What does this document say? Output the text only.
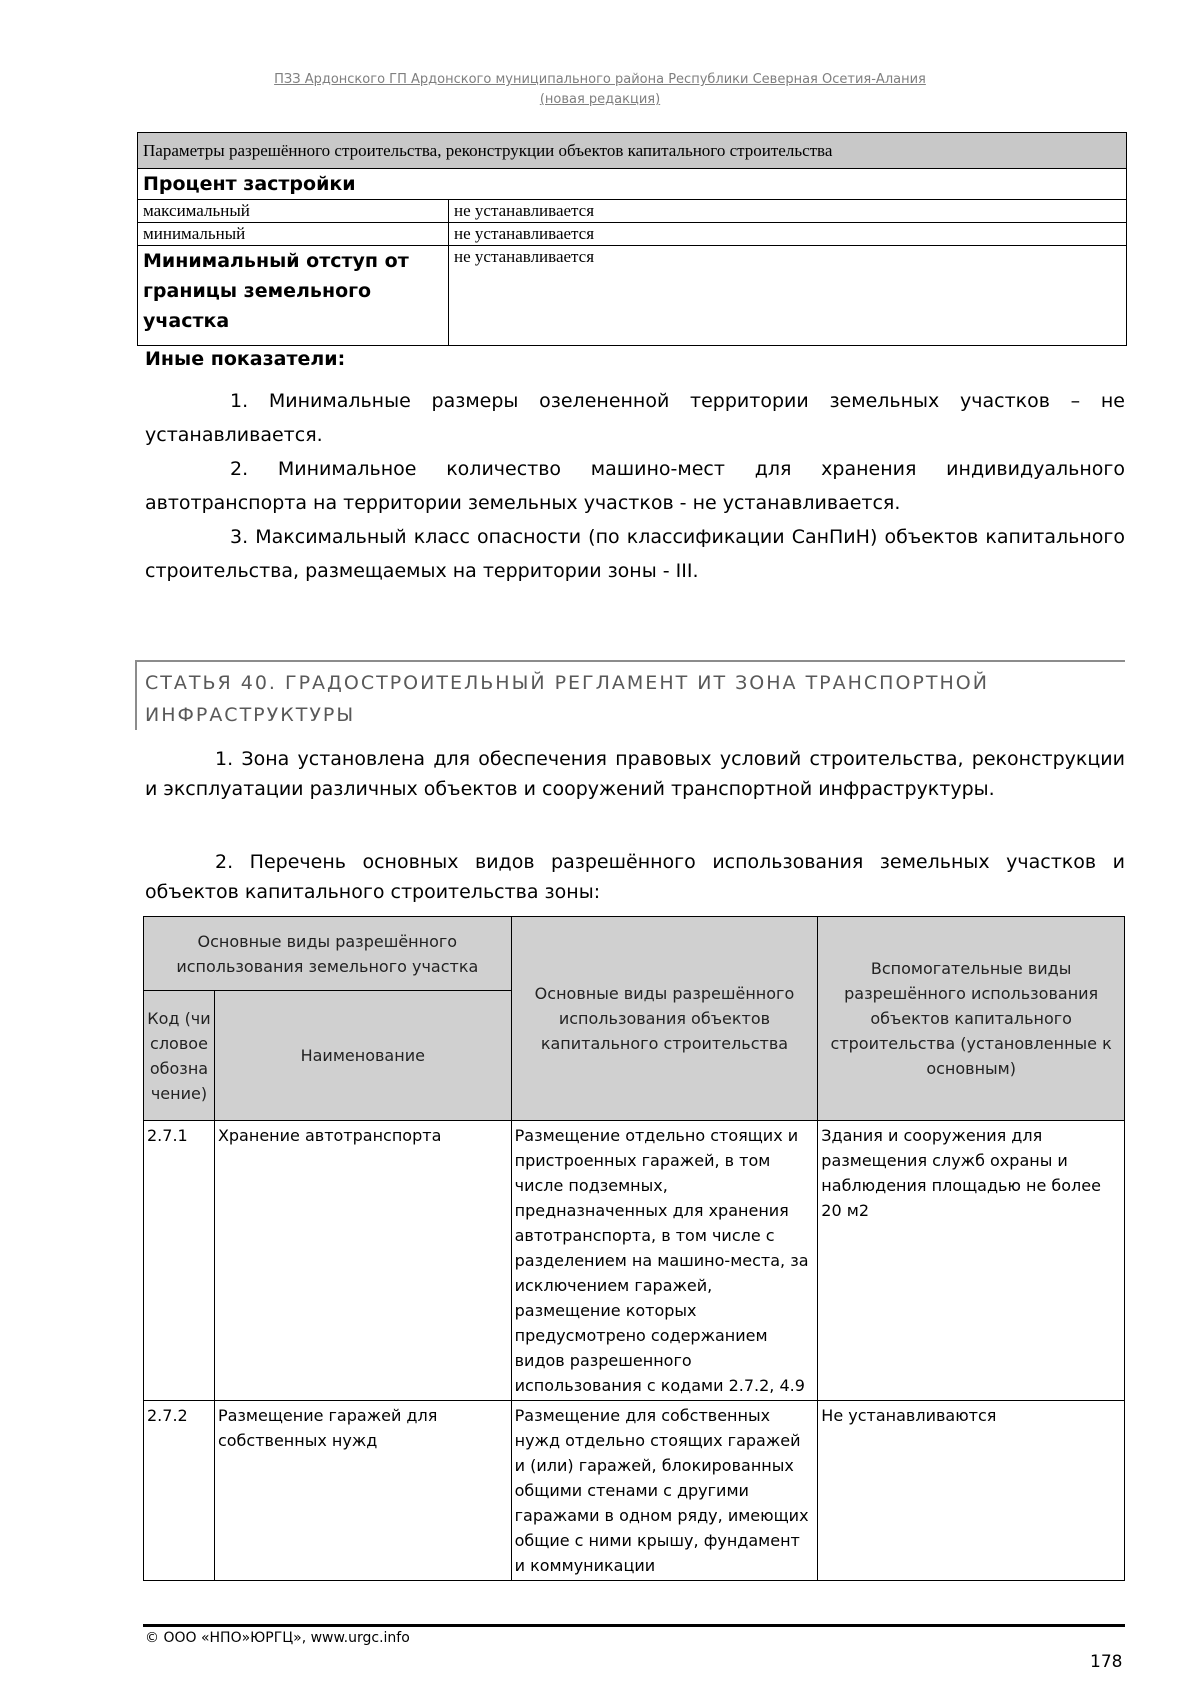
ПЗЗ Ардонского ГП Ардонского муниципального района Республики Северная Осетия-Алания
(новая редакция)
Параметры разрешённого строительства, реконструкции объектов капитального строительства	
Процент застройки	
максимальный	не устанавливается
минимальный	не устанавливается
Минимальный отступ от границы земельного участка	не устанавливается
Иные показатели:
1. Минимальные размеры озелененной территории земельных участков – не устанавливается.
2. Минимальное количество машино-мест для хранения индивидуального автотранспорта на территории земельных участков - не устанавливается.
3. Максимальный класс опасности (по классификации СанПиН) объектов капитального строительства, размещаемых на территории зоны - III.
СТАТЬЯ 40. ГРАДОСТРОИТЕЛЬНЫЙ РЕГЛАМЕНТ ИТ ЗОНА ТРАНСПОРТНОЙ ИНФРАСТРУКТУРЫ
1. Зона установлена для обеспечения правовых условий строительства, реконструкции и эксплуатации различных объектов и сооружений транспортной инфраструктуры.
2. Перечень основных видов разрешённого использования земельных участков и объектов капитального строительства зоны:
Основные виды разрешённого использования земельного участка		Основные виды разрешённого использования объектов капитального строительства	Вспомогательные виды разрешённого использования объектов капитального строительства (установленные к основным)
Код (числовое обозначение)	Наименование		
2.7.1	Хранение автотранспорта	Размещение отдельно стоящих и пристроенных гаражей, в том числе подземных, предназначенных для хранения автотранспорта, в том числе с разделением на машино-места, за исключением гаражей, размещение которых предусмотрено содержанием видов разрешенного использования с кодами 2.7.2, 4.9	Здания и сооружения для размещения служб охраны и наблюдения площадью не более 20 м2
2.7.2	Размещение гаражей для собственных нужд	Размещение для собственных нужд отдельно стоящих гаражей и (или) гаражей, блокированных общими стенами с другими гаражами в одном ряду, имеющих общие с ними крышу, фундамент и коммуникации	Не устанавливаются
© ООО «НПО»ЮРГЦ», www.urgc.info
178
